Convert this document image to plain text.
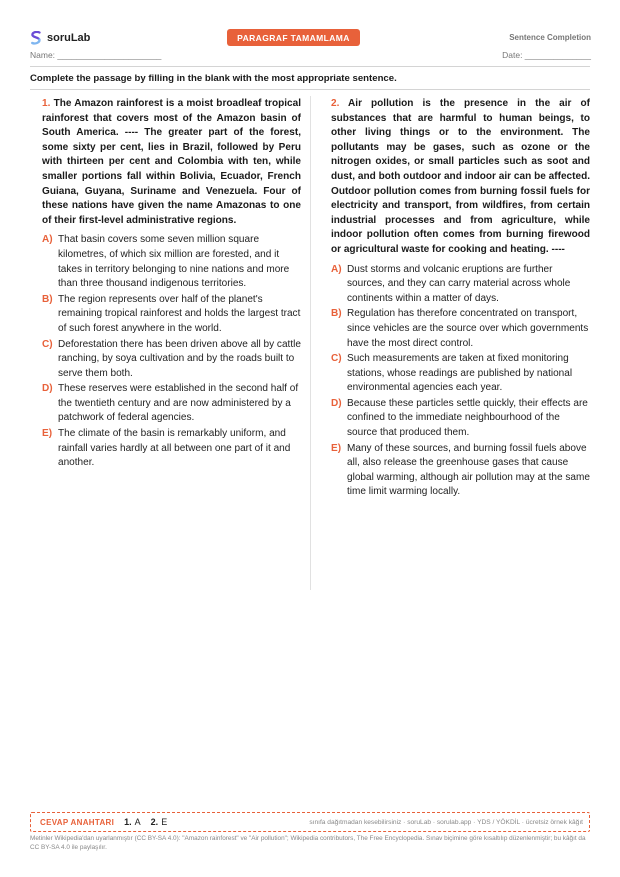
soruLab	PARAGRAF TAMAMLAMA	Sentence Completion
Name: ______________________	Date: ______________
Complete the passage by filling in the blank with the most appropriate sentence.
1. The Amazon rainforest is a moist broadleaf tropical rainforest that covers most of the Amazon basin of South America. ---- The greater part of the forest, some sixty per cent, lies in Brazil, followed by Peru with thirteen per cent and Colombia with ten, while smaller portions fall within Bolivia, Ecuador, French Guiana, Guyana, Suriname and Venezuela. Four of these nations have given the name Amazonas to one of their first-level administrative regions.
A) That basin covers some seven million square kilometres, of which six million are forested, and it takes in territory belonging to nine nations and more than three thousand indigenous territories.
B) The region represents over half of the planet's remaining tropical rainforest and holds the largest tract of such forest anywhere in the world.
C) Deforestation there has been driven above all by cattle ranching, by soya cultivation and by the roads built to serve them both.
D) These reserves were established in the second half of the twentieth century and are now administered by a patchwork of federal agencies.
E) The climate of the basin is remarkably uniform, and rainfall varies hardly at all between one part of it and another.
2. Air pollution is the presence in the air of substances that are harmful to human beings, to other living things or to the environment. The pollutants may be gases, such as ozone or the nitrogen oxides, or small particles such as soot and dust, and both outdoor and indoor air can be affected. Outdoor pollution comes from burning fossil fuels for electricity and transport, from wildfires, from certain industrial processes and from agriculture, while indoor pollution often comes from burning firewood or agricultural waste for cooking and heating. ----
A) Dust storms and volcanic eruptions are further sources, and they can carry material across whole continents within a matter of days.
B) Regulation has therefore concentrated on transport, since vehicles are the source over which governments have the most direct control.
C) Such measurements are taken at fixed monitoring stations, whose readings are published by national environmental agencies each year.
D) Because these particles settle quickly, their effects are confined to the immediate neighbourhood of the source that produced them.
E) Many of these sources, and burning fossil fuels above all, also release the greenhouse gases that cause global warming, although air pollution may at the same time limit warming locally.
CEVAP ANAHTARI 1. A 2. E	sınıfa dağıtmadan kesebilirsiniz · soruLab · sorulab.app · YDS / YÖKDİL · ücretsiz örnek kâğıt
Metinler Wikipedia'dan uyarlanmıştır (CC BY-SA 4.0): "Amazon rainforest" ve "Air pollution"; Wikipedia contributors, The Free Encyclopedia. Sınav biçimine göre kısaltılıp düzenlenmiştir; bu kâğıt da CC BY-SA 4.0 ile paylaşılır.
